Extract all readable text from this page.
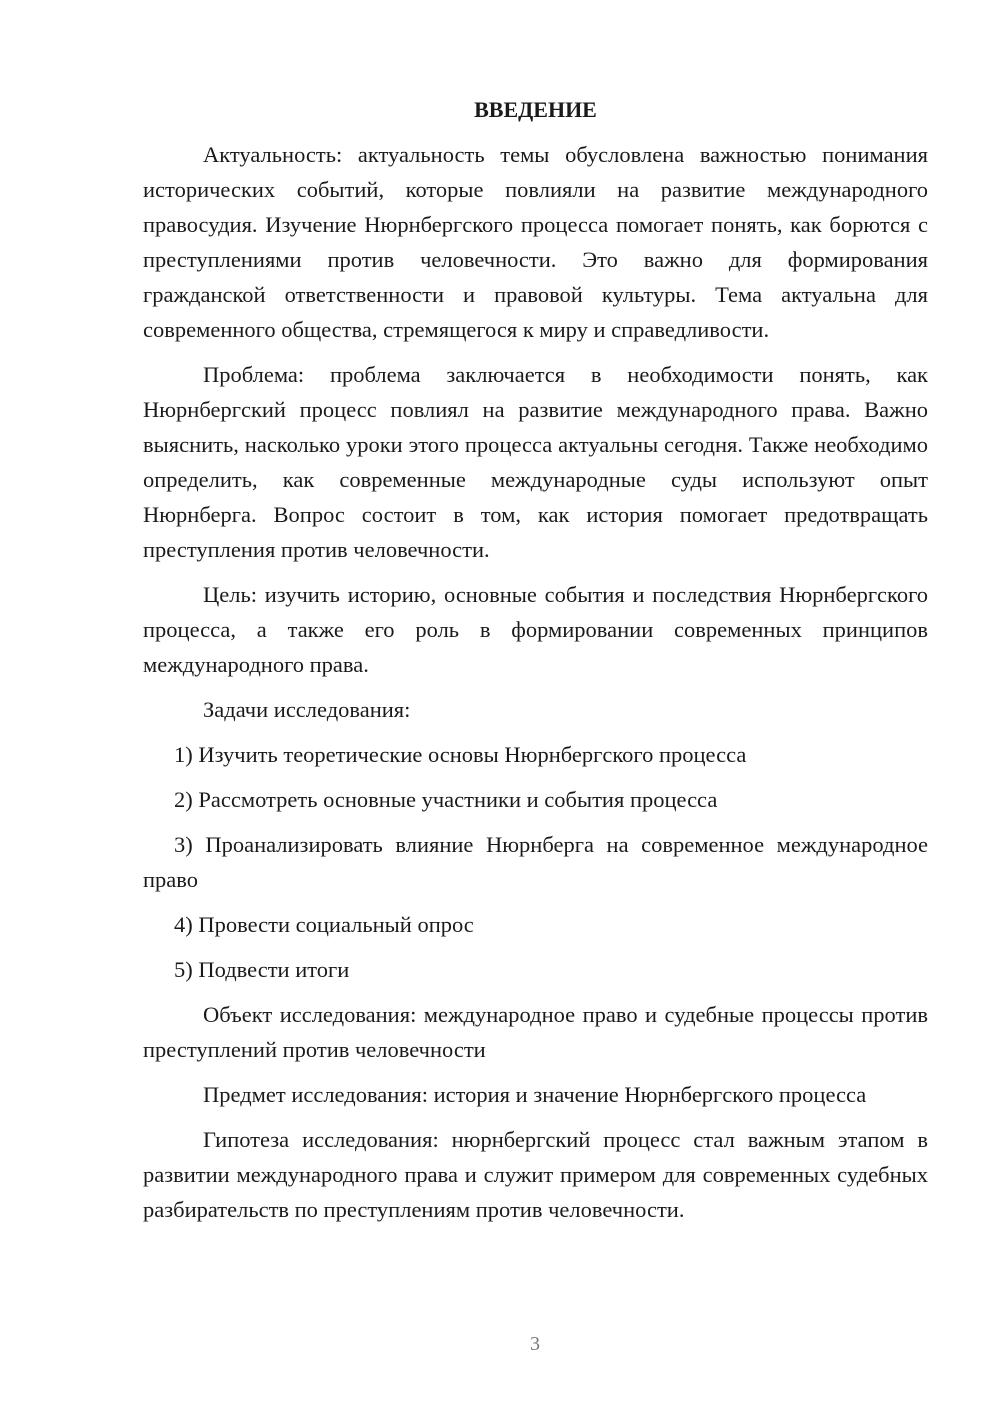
ВВЕДЕНИЕ

Актуальность: актуальность темы обусловлена важностью понимания исторических событий, которые повлияли на развитие международного правосудия. Изучение Нюрнбергского процесса помогает понять, как борются с преступлениями против человечности. Это важно для формирования гражданской ответственности и правовой культуры. Тема актуальна для современного общества, стремящегося к миру и справедливости.

Проблема: проблема заключается в необходимости понять, как Нюрнбергский процесс повлиял на развитие международного права. Важно выяснить, насколько уроки этого процесса актуальны сегодня. Также необходимо определить, как современные международные суды используют опыт Нюрнберга. Вопрос состоит в том, как история помогает предотвращать преступления против человечности.

Цель: изучить историю, основные события и последствия Нюрнбергского процесса, а также его роль в формировании современных принципов международного права.

Задачи исследования:

1) Изучить теоретические основы Нюрнбергского процесса

2) Рассмотреть основные участники и события процесса

3) Проанализировать влияние Нюрнберга на современное международное право

4) Провести социальный опрос

5) Подвести итоги

Объект исследования: международное право и судебные процессы против преступлений против человечности

Предмет исследования: история и значение Нюрнбергского процесса

Гипотеза исследования: нюрнбергский процесс стал важным этапом в развитии международного права и служит примером для современных судебных разбирательств по преступлениям против человечности.

3
